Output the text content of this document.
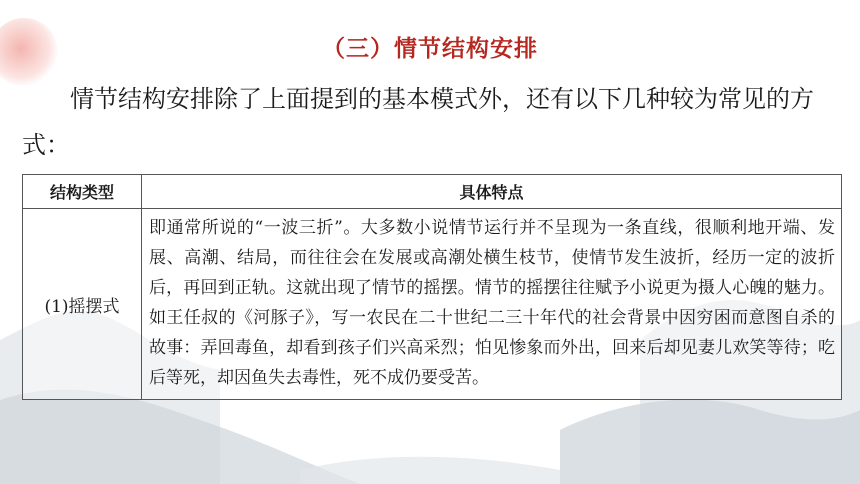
（三）情节结构安排
情节结构安排除了上面提到的基本模式外，还有以下几种较为常见的方式：
结构类型	具体特点
(1)摇摆式	即通常所说的“一波三折”。大多数小说情节运行并不呈现为一条直线，很顺利地开端、发展、高潮、结局，而往往会在发展或高潮处横生枝节，使情节发生波折，经历一定的波折后，再回到正轨。这就出现了情节的摇摆。情节的摇摆往往赋予小说更为摄人心魄的魅力。如王任叔的《河豚子》，写一农民在二十世纪二三十年代的社会背景中因穷困而意图自杀的故事：弄回毒鱼，却看到孩子们兴高采烈；怕见惨象而外出，回来后却见妻儿欢笑等待；吃后等死，却因鱼失去毒性，死不成仍要受苦。
